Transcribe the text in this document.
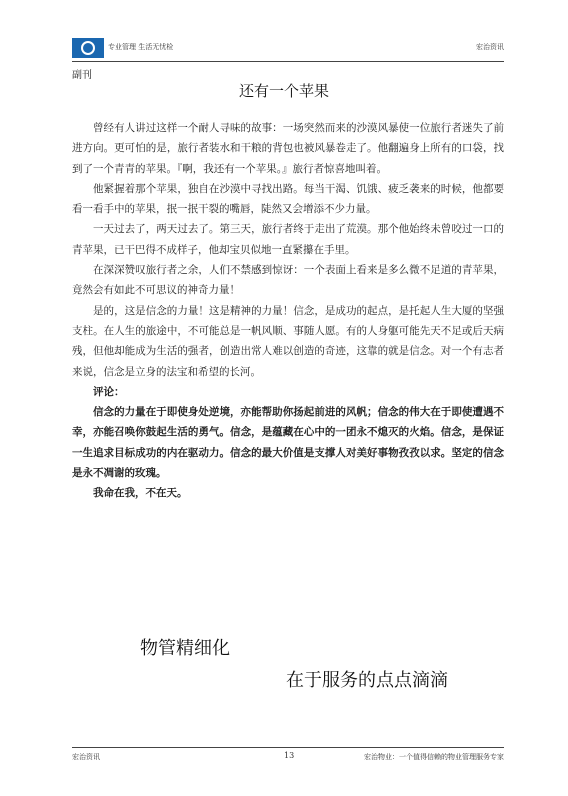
专业管理 生活无忧检	宏治资讯
副刊
还有一个苹果

曾经有人讲过这样一个耐人寻味的故事：一场突然而来的沙漠风暴使一位旅行者迷失了前进方向。更可怕的是，旅行者装水和干粮的背包也被风暴卷走了。他翻遍身上所有的口袋，找到了一个青青的苹果。『啊，我还有一个苹果。』旅行者惊喜地叫着。

他紧握着那个苹果，独自在沙漠中寻找出路。每当干渴、饥饿、疲乏袭来的时候，他都要看一看手中的苹果，抿一抿干裂的嘴唇，陡然又会增添不少力量。

一天过去了，两天过去了。第三天，旅行者终于走出了荒漠。那个他始终未曾咬过一口的青苹果，已干巴得不成样子，他却宝贝似地一直紧攥在手里。

在深深赞叹旅行者之余，人们不禁感到惊讶：一个表面上看来是多么微不足道的青苹果，竟然会有如此不可思议的神奇力量！

是的，这是信念的力量！这是精神的力量！信念，是成功的起点，是托起人生大厦的坚强支柱。在人生的旅途中，不可能总是一帆风顺、事随人愿。有的人身躯可能先天不足或后天病残，但他却能成为生活的强者，创造出常人难以创造的奇迹，这靠的就是信念。对一个有志者来说，信念是立身的法宝和希望的长河。

评论：

信念的力量在于即使身处逆境，亦能帮助你扬起前进的风帆；信念的伟大在于即使遭遇不幸，亦能召唤你鼓起生活的勇气。信念，是蕴藏在心中的一团永不熄灭的火焰。信念，是保证一生追求目标成功的内在驱动力。信念的最大价值是支撑人对美好事物孜孜以求。坚定的信念是永不凋谢的玫瑰。

我命在我，不在天。

物管精细化
在于服务的点点滴滴
宏治资讯	13	宏治物业：一个值得信赖的物业管理服务专家
